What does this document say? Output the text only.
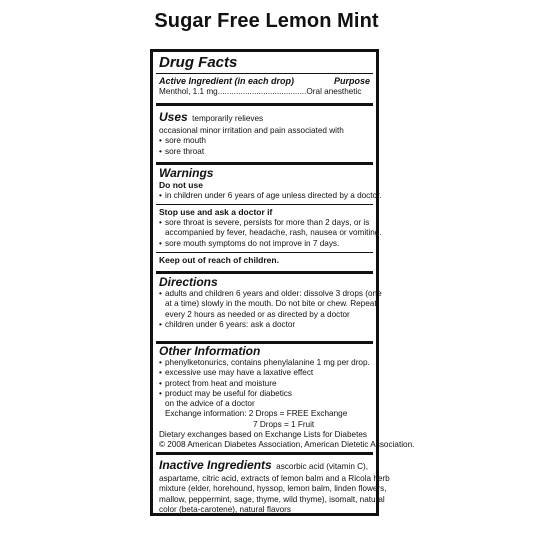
Sugar Free Lemon Mint
Drug Facts
Active Ingredient (in each drop)	Purpose
Menthol, 1.1 mg.......................................Oral anesthetic
Uses temporarily relieves
occasional minor irritation and pain associated with
• sore mouth
• sore throat
Warnings
Do not use
• in children under 6 years of age unless directed by a doctor.
Stop use and ask a doctor if
• sore throat is severe, persists for more than 2 days, or is
accompanied by fever, headache, rash, nausea or vomiting.
• sore mouth symptoms do not improve in 7 days.
Keep out of reach of children.
Directions
• adults and children 6 years and older: dissolve 3 drops (one
at a time) slowly in the mouth. Do not bite or chew. Repeat
every 2 hours as needed or as directed by a doctor
• children under 6 years: ask a doctor
Other Information
• phenylketonurics, contains phenylalanine 1 mg per drop.
• excessive use may have a laxative effect
• protect from heat and moisture
• product may be useful for diabetics
on the advice of a doctor
Exchange information: 2 Drops = FREE Exchange
7 Drops = 1 Fruit
Dietary exchanges based on Exchange Lists for Diabetes
© 2008 American Diabetes Association, American Dietetic Association.
Inactive Ingredients ascorbic acid (vitamin C),
aspartame, citric acid, extracts of lemon balm and a Ricola herb
mixture (elder, horehound, hyssop, lemon balm, linden flowers,
mallow, peppermint, sage, thyme, wild thyme), isomalt, natural
color (beta-carotene), natural flavors
